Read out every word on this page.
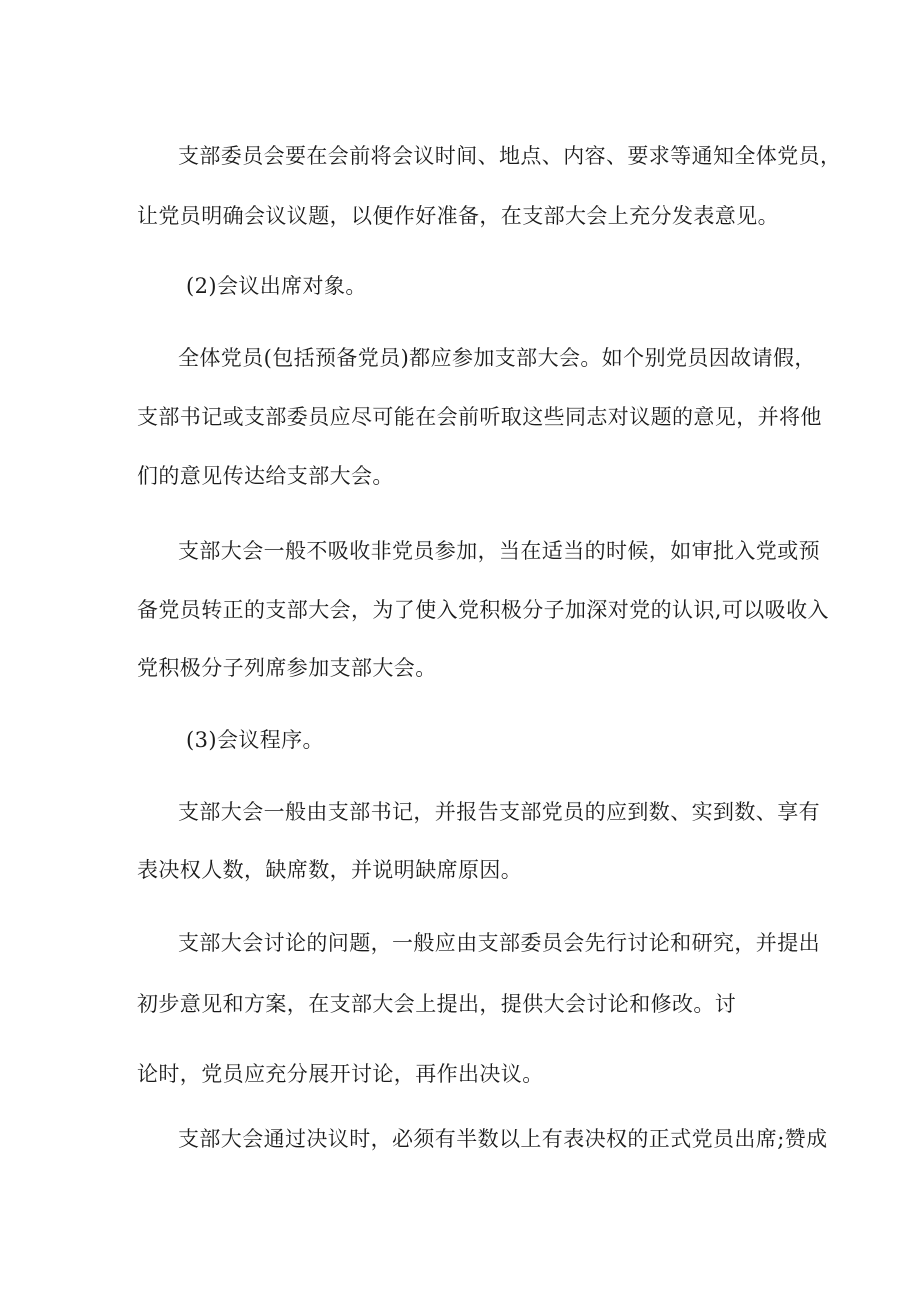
支部委员会要在会前将会议时间、地点、内容、要求等通知全体党员，

让党员明确会议议题，以便作好准备，在支部大会上充分发表意见。

(2)会议出席对象。

全体党员(包括预备党员)都应参加支部大会。如个别党员因故请假，

支部书记或支部委员应尽可能在会前听取这些同志对议题的意见，并将他

们的意见传达给支部大会。

支部大会一般不吸收非党员参加，当在适当的时候，如审批入党或预

备党员转正的支部大会，为了使入党积极分子加深对党的认识,可以吸收入

党积极分子列席参加支部大会。

(3)会议程序。

支部大会一般由支部书记，并报告支部党员的应到数、实到数、享有

表决权人数，缺席数，并说明缺席原因。

支部大会讨论的问题，一般应由支部委员会先行讨论和研究，并提出

初步意见和方案，在支部大会上提出，提供大会讨论和修改。讨

论时，党员应充分展开讨论，再作出决议。

支部大会通过决议时，必须有半数以上有表决权的正式党员出席;赞成
